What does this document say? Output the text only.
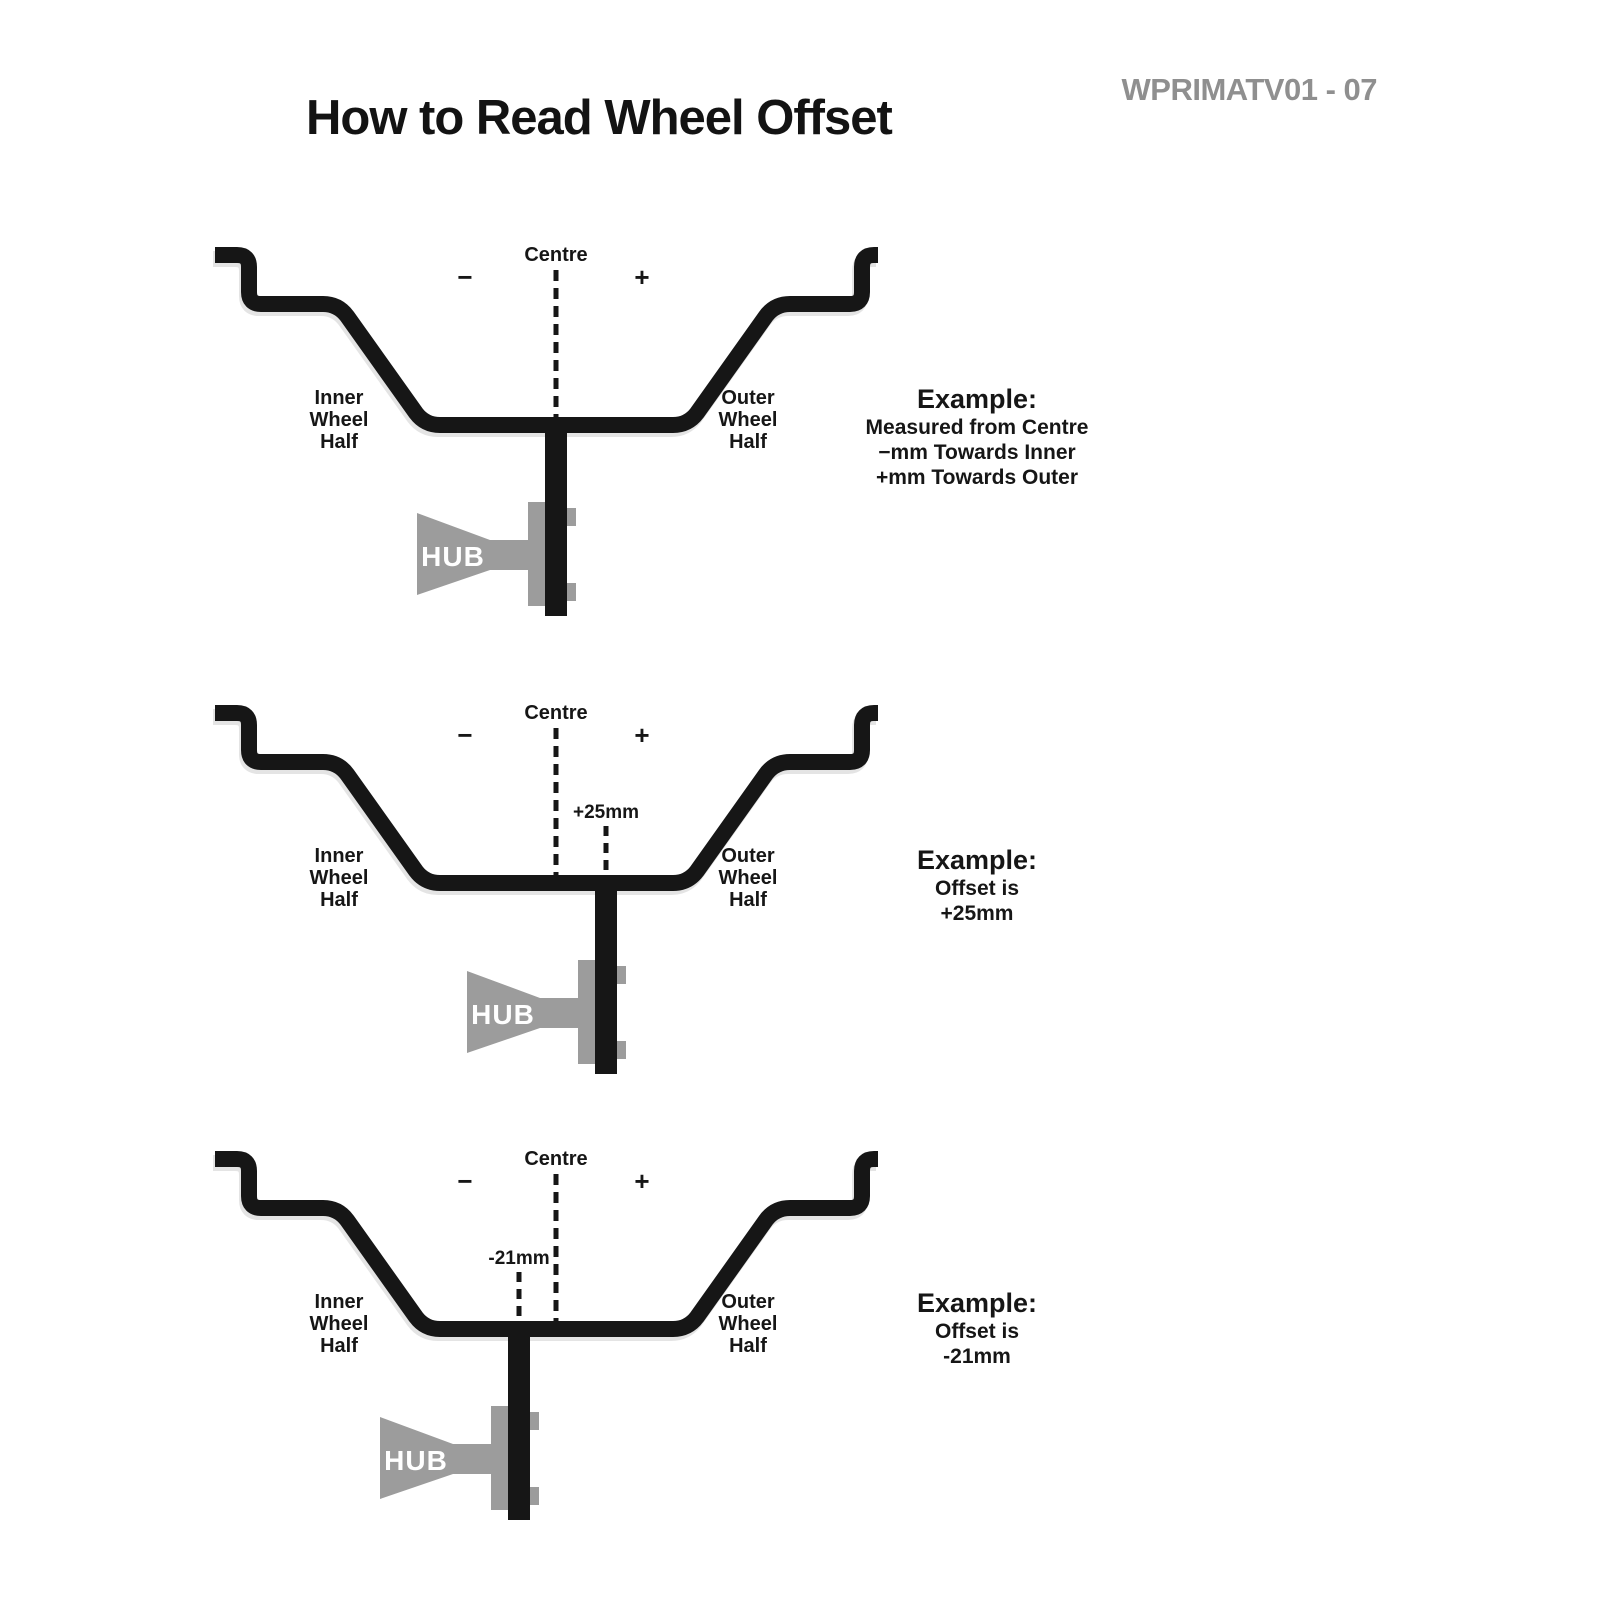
How to Read Wheel Offset
WPRIMATV01 - 07
Centre
−	+
Inner
Wheel
Half
Outer
Wheel
Half
HUB
Example:
Measured from Centre
−mm Towards Inner
+mm Towards Outer
Centre
−	+
Inner
Wheel
Half
Outer
Wheel
Half
+25mm
HUB
Example:
Offset is
+25mm
Centre
−	+
Inner
Wheel
Half
Outer
Wheel
Half
-21mm
HUB
Example:
Offset is
-21mm
